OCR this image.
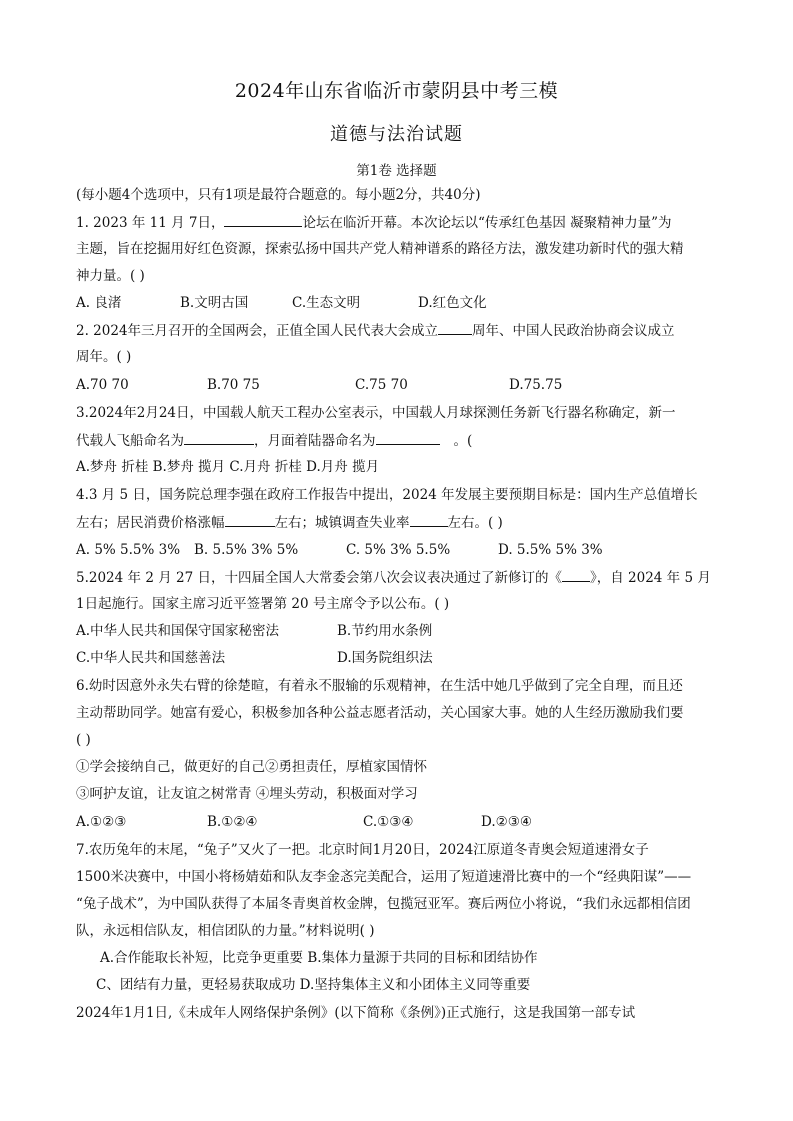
2024年山东省临沂市蒙阴县中考三模
道德与法治试题
第1卷 选择题
(每小题4个选项中，只有1项是最符合题意的。每小题2分，共40分)
1. 2023 年 11 月 7日，	论坛在临沂开幕。本次论坛以“传承红色基因 凝聚精神力量”为
主题，旨在挖掘用好红色资源，探索弘扬中国共产党人精神谱系的路径方法，激发建功新时代的强大精
神力量。( )
A. 良渚	B.文明古国	C.生态文明	D.红色文化
2. 2024年三月召开的全国两会，正值全国人民代表大会成立	周年、中国人民政治协商会议成立
周年。( )
A.70 70	B.70 75	C.75 70	D.75.75
3.2024年2月24日，中国载人航天工程办公室表示，中国载人月球探测任务新飞行器名称确定，新一
代载人飞船命名为	，月面着陆器命名为	。(
A.梦舟 折桂 B.梦舟 揽月 C.月舟 折桂 D.月舟 揽月
4.3 月 5 日，国务院总理李强在政府工作报告中提出，2024 年发展主要预期目标是：国内生产总值增长
左右；居民消费价格涨幅	左右；城镇调查失业率	左右。( )
A. 5% 5.5% 3% B. 5.5% 3% 5%	C. 5% 3% 5.5%	D. 5.5% 5% 3%
5.2024 年 2 月 27 日，十四届全国人大常委会第八次会议表决通过了新修订的《 》，自 2024 年 5 月
1日起施行。国家主席习近平签署第 20 号主席令予以公布。( )
A.中华人民共和国保守国家秘密法	B.节约用水条例
C.中华人民共和国慈善法	D.国务院组织法
6.幼时因意外永失右臂的徐楚暄，有着永不服输的乐观精神，在生活中她几乎做到了完全自理，而且还
主动帮助同学。她富有爱心，积极参加各种公益志愿者活动，关心国家大事。她的人生经历激励我们要
( )
①学会接纳自己，做更好的自己②勇担责任，厚植家国情怀
③呵护友谊，让友谊之树常青 ④埋头劳动，积极面对学习
A.①②③	B.①②④	C.①③④	D.②③④
7.农历兔年的末尾，“兔子”又火了一把。北京时间1月20日，2024江原道冬青奥会短道速滑女子
1500米决赛中，中国小将杨婧茹和队友李金忞完美配合，运用了短道速滑比赛中的一个“经典阳谋”——
“兔子战术”，为中国队获得了本届冬青奥首枚金牌，包揽冠亚军。赛后两位小将说，“我们永远都相信团
队，永远相信队友，相信团队的力量。”材料说明( )
A.合作能取长补短，比竞争更重要 B.集体力量源于共同的目标和团结协作
C、团结有力量，更轻易获取成功 D.坚持集体主义和小团体主义同等重要
2024年1月1日,《未成年人网络保护条例》(以下简称《条例》)正式施行，这是我国第一部专试
